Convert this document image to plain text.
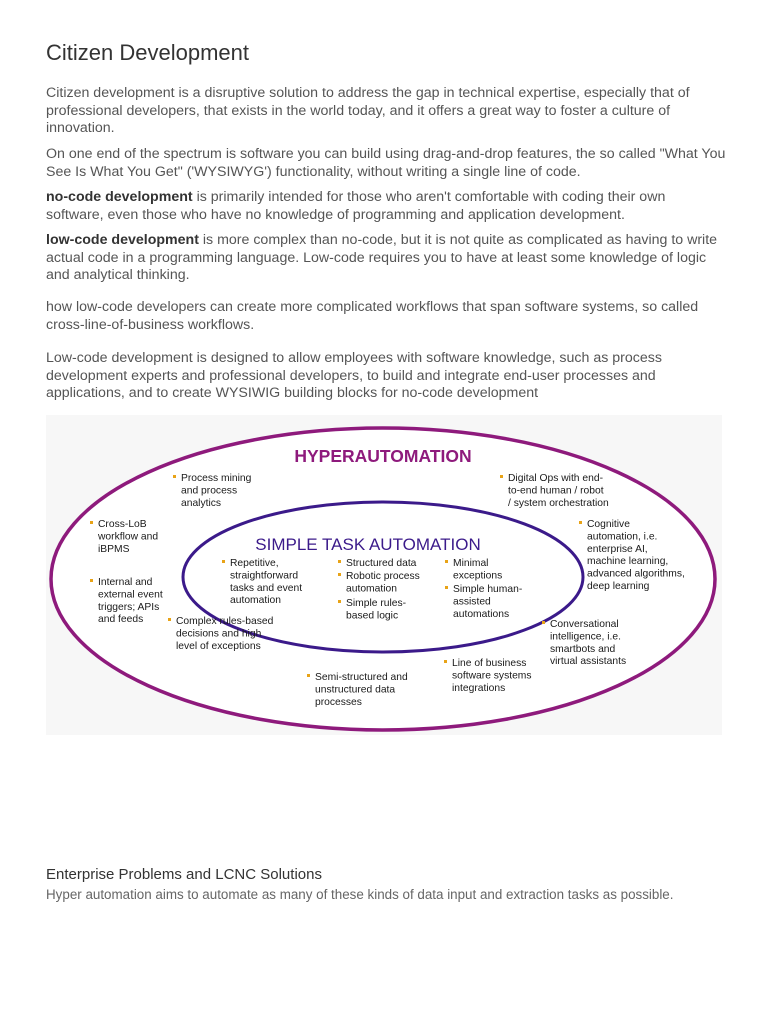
Citizen Development

Citizen development is a disruptive solution to address the gap in technical expertise, especially that of professional developers, that exists in the world today, and it offers a great way to foster a culture of innovation.

On one end of the spectrum is software you can build using drag-and-drop features, the so called "What You See Is What You Get" ('WYSIWYG') functionality, without writing a single line of code.

no-code development is primarily intended for those who aren't comfortable with coding their own software, even those who have no knowledge of programming and application development.

low-code development is more complex than no-code, but it is not quite as complicated as having to write actual code in a programming language. Low-code requires you to have at least some knowledge of logic and analytical thinking.

how low-code developers can create more complicated workflows that span software systems, so called cross-line-of-business workflows.

Low-code development is designed to allow employees with software knowledge, such as process development experts and professional developers, to build and integrate end-user processes and applications, and to create WYSIWIG building blocks for no-code development

Enterprise Problems and LCNC Solutions

Hyper automation aims to automate as many of these kinds of data input and extraction tasks as possible.

HYPERAUTOMATION
SIMPLE TASK AUTOMATION
Process mining
and process
analytics
Digital Ops with end-
to-end human / robot
/ system orchestration
Cross-LoB
workflow and
iBPMS
Cognitive
automation, i.e.
enterprise AI,
machine learning,
advanced algorithms,
deep learning
Internal and
external event
triggers; APIs
and feeds	Conversational
intelligence, i.e.
smartbots and
virtual assistants
Complex rules-based
decisions and high
level of exceptions
Semi-structured and
unstructured data
processes
Line of business
software systems
integrations
Repetitive,
straightforward
tasks and event
automation
Structured data
Robotic process
automation
Simple rules-
based logic
Minimal
exceptions
Simple human-
assisted
automations
